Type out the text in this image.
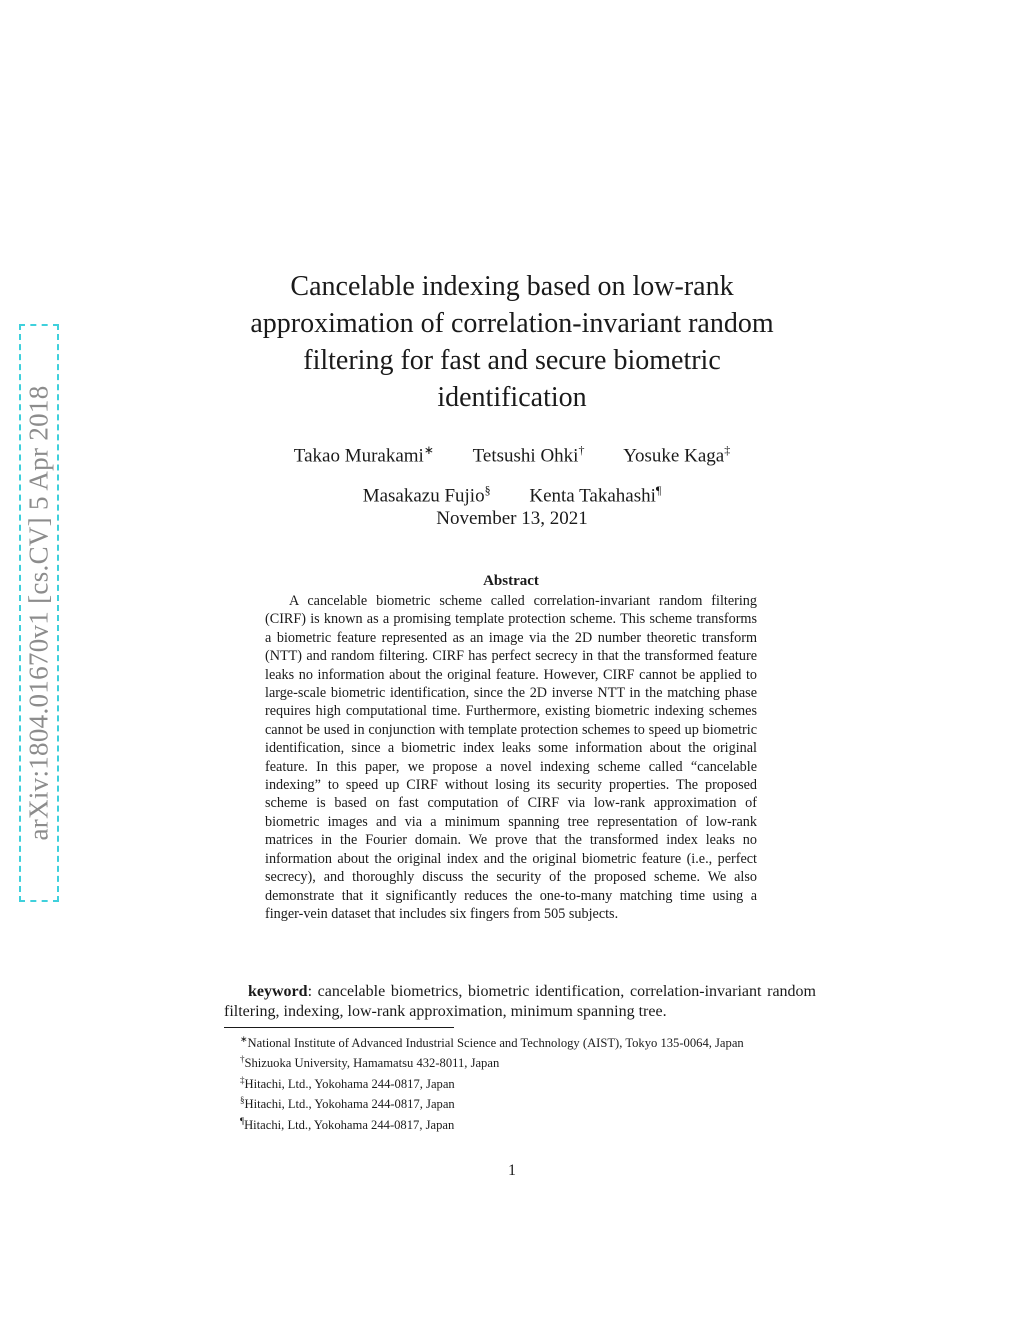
arXiv:1804.01670v1 [cs.CV] 5 Apr 2018
Cancelable indexing based on low-rank approximation of correlation-invariant random filtering for fast and secure biometric identification
Takao Murakami∗ Tetsushi Ohki† Yosuke Kaga‡
Masakazu Fujio§ Kenta Takahashi¶
November 13, 2021
Abstract

A cancelable biometric scheme called correlation-invariant random filtering (CIRF) is known as a promising template protection scheme. This scheme transforms a biometric feature represented as an image via the 2D number theoretic transform (NTT) and random filtering. CIRF has perfect secrecy in that the transformed feature leaks no information about the original feature. However, CIRF cannot be applied to large-scale biometric identification, since the 2D inverse NTT in the matching phase requires high computational time. Furthermore, existing biometric indexing schemes cannot be used in conjunction with template protection schemes to speed up biometric identification, since a biometric index leaks some information about the original feature. In this paper, we propose a novel indexing scheme called “cancelable indexing” to speed up CIRF without losing its security properties. The proposed scheme is based on fast computation of CIRF via low-rank approximation of biometric images and via a minimum spanning tree representation of low-rank matrices in the Fourier domain. We prove that the transformed index leaks no information about the original index and the original biometric feature (i.e., perfect secrecy), and thoroughly discuss the security of the proposed scheme. We also demonstrate that it significantly reduces the one-to-many matching time using a finger-vein dataset that includes six fingers from 505 subjects.

keyword: cancelable biometrics, biometric identification, correlation-invariant random filtering, indexing, low-rank approximation, minimum spanning tree.

∗National Institute of Advanced Industrial Science and Technology (AIST), Tokyo 135-0064, Japan

†Shizuoka University, Hamamatsu 432-8011, Japan

‡Hitachi, Ltd., Yokohama 244-0817, Japan

§Hitachi, Ltd., Yokohama 244-0817, Japan

¶Hitachi, Ltd., Yokohama 244-0817, Japan

1
